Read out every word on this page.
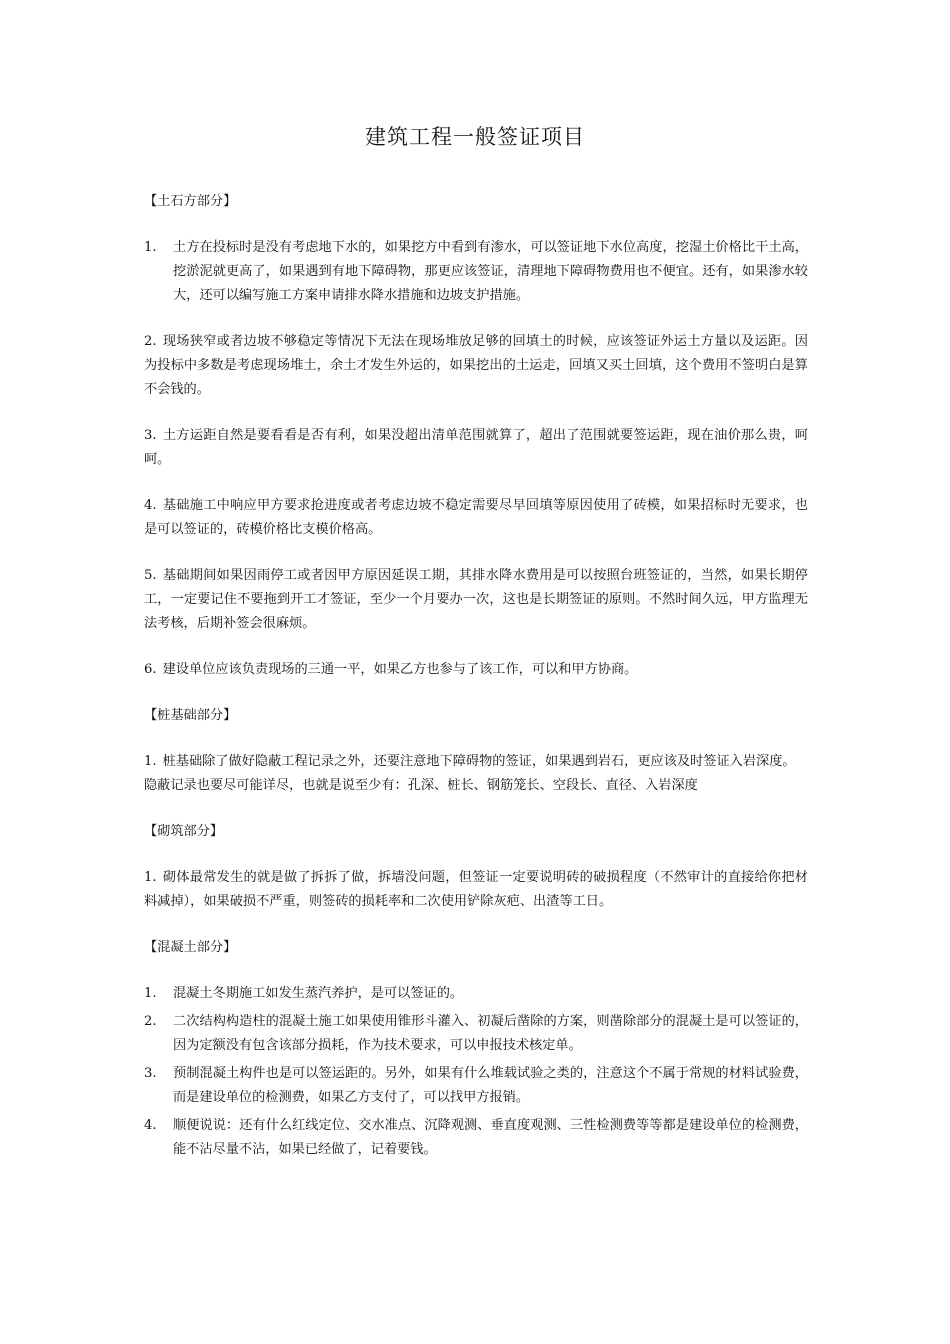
建筑工程一般签证项目
【土石方部分】
1.	土方在投标时是没有考虑地下水的，如果挖方中看到有渗水，可以签证地下水位高度，挖湿土价格比干土高，挖淤泥就更高了，如果遇到有地下障碍物，那更应该签证，清理地下障碍物费用也不便宜。还有，如果渗水较大，还可以编写施工方案申请排水降水措施和边坡支护措施。

2. 现场狭窄或者边坡不够稳定等情况下无法在现场堆放足够的回填土的时候，应该签证外运土方量以及运距。因为投标中多数是考虑现场堆土，余土才发生外运的，如果挖出的土运走，回填又买土回填，这个费用不签明白是算不会钱的。

3. 土方运距自然是要看看是否有利，如果没超出清单范围就算了，超出了范围就要签运距，现在油价那么贵，呵呵。

4. 基础施工中响应甲方要求抢进度或者考虑边坡不稳定需要尽早回填等原因使用了砖模，如果招标时无要求，也是可以签证的，砖模价格比支模价格高。

5. 基础期间如果因雨停工或者因甲方原因延误工期，其排水降水费用是可以按照台班签证的，当然，如果长期停工，一定要记住不要拖到开工才签证，至少一个月要办一次，这也是长期签证的原则。不然时间久远，甲方监理无法考核，后期补签会很麻烦。

6. 建设单位应该负责现场的三通一平，如果乙方也参与了该工作，可以和甲方协商。

【桩基础部分】

1. 桩基础除了做好隐蔽工程记录之外，还要注意地下障碍物的签证，如果遇到岩石，更应该及时签证入岩深度。

隐蔽记录也要尽可能详尽，也就是说至少有：孔深、桩长、钢筋笼长、空段长、直径、入岩深度

【砌筑部分】

1. 砌体最常发生的就是做了拆拆了做，拆墙没问题，但签证一定要说明砖的破损程度（不然审计的直接给你把材料减掉），如果破损不严重，则签砖的损耗率和二次使用铲除灰疤、出渣等工日。

【混凝土部分】
1.	混凝土冬期施工如发生蒸汽养护，是可以签证的。
2.	二次结构构造柱的混凝土施工如果使用锥形斗灌入、初凝后凿除的方案，则凿除部分的混凝土是可以签证的，因为定额没有包含该部分损耗，作为技术要求，可以申报技术核定单。
3.	预制混凝土构件也是可以签运距的。另外，如果有什么堆载试验之类的，注意这个不属于常规的材料试验费，而是建设单位的检测费，如果乙方支付了，可以找甲方报销。
4.	顺便说说：还有什么红线定位、交水准点、沉降观测、垂直度观测、三性检测费等等都是建设单位的检测费，能不沾尽量不沾，如果已经做了，记着要钱。
